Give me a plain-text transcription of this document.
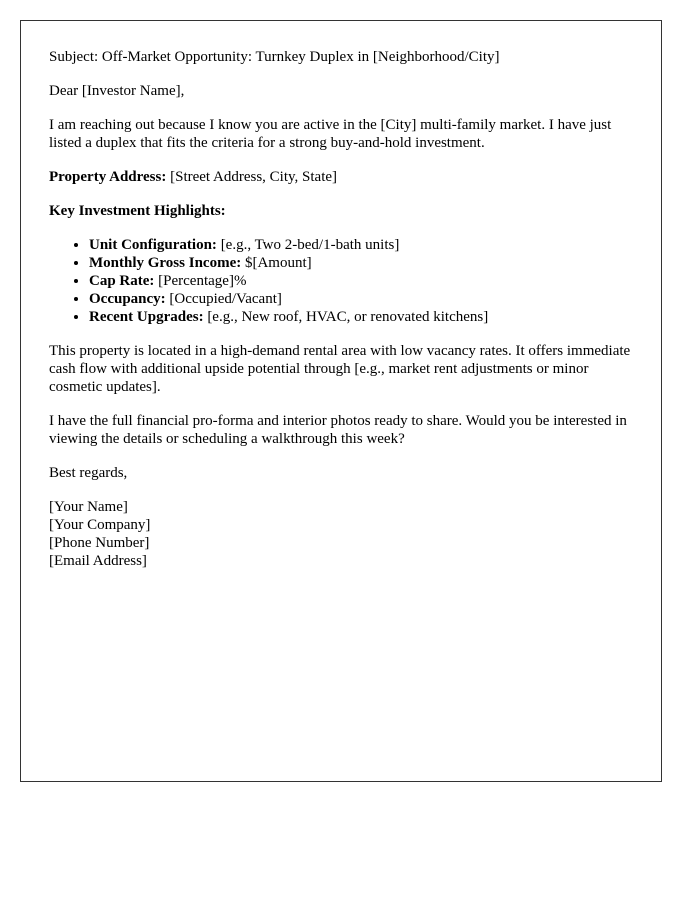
Subject: Off-Market Opportunity: Turnkey Duplex in [Neighborhood/City]

Dear [Investor Name],

I am reaching out because I know you are active in the [City] multi-family market. I have just listed a duplex that fits the criteria for a strong buy-and-hold investment.

Property Address: [Street Address, City, State]

Key Investment Highlights:

• Unit Configuration: [e.g., Two 2-bed/1-bath units]
• Monthly Gross Income: $[Amount]
• Cap Rate: [Percentage]%
• Occupancy: [Occupied/Vacant]
• Recent Upgrades: [e.g., New roof, HVAC, or renovated kitchens]

This property is located in a high-demand rental area with low vacancy rates. It offers immediate cash flow with additional upside potential through [e.g., market rent adjustments or minor cosmetic updates].

I have the full financial pro-forma and interior photos ready to share. Would you be interested in viewing the details or scheduling a walkthrough this week?

Best regards,

[Your Name]

[Your Company]

[Phone Number]

[Email Address]
